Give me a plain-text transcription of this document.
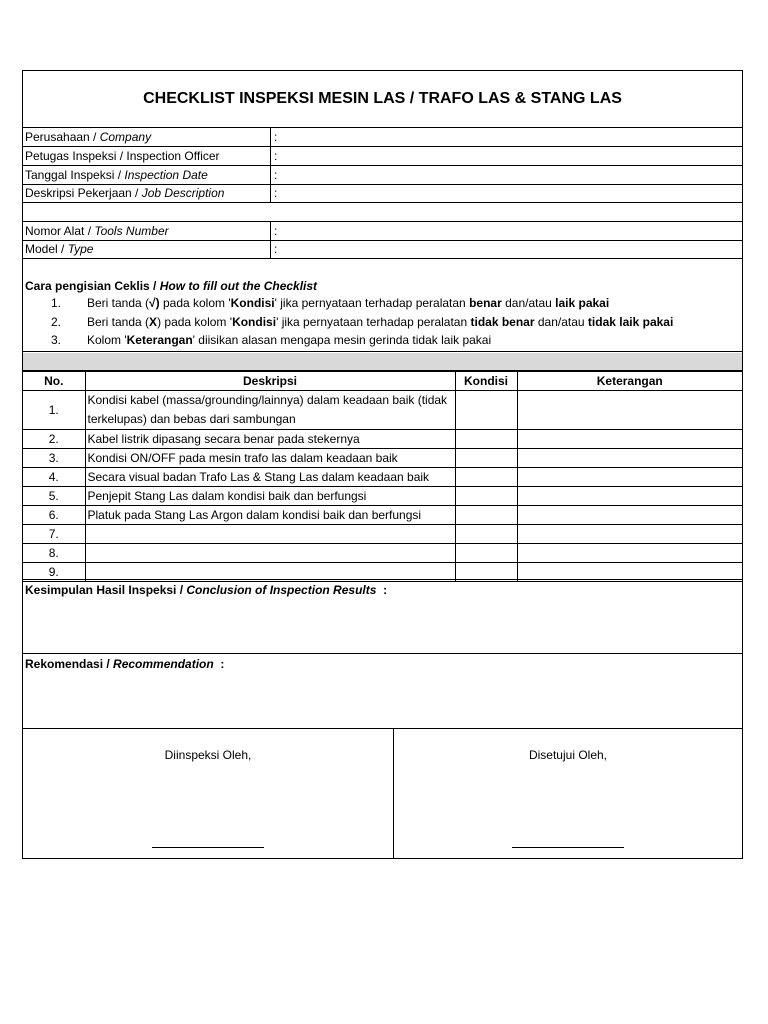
CHECKLIST INSPEKSI MESIN LAS / TRAFO LAS & STANG LAS
Perusahaan / Company	:
Petugas Inspeksi / Inspection Officer	:
Tanggal Inspeksi / Inspection Date	:
Deskripsi Pekerjaan / Job Description	:
Nomor Alat / Tools Number	:
Model / Type	:
Cara pengisian Ceklis / How to fill out the Checklist
1. Beri tanda (√) pada kolom 'Kondisi' jika pernyataan terhadap peralatan benar dan/atau laik pakai
2. Beri tanda (X) pada kolom 'Kondisi' jika pernyataan terhadap peralatan tidak benar dan/atau tidak laik pakai
3. Kolom 'Keterangan' diisikan alasan mengapa mesin gerinda tidak laik pakai
No.	Deskripsi	Kondisi	Keterangan
1.	Kondisi kabel (massa/grounding/lainnya) dalam keadaan baik (tidak terkelupas) dan bebas dari sambungan		
2.	Kabel listrik dipasang secara benar pada stekernya		
3.	Kondisi ON/OFF pada mesin trafo las dalam keadaan baik		
4.	Secara visual badan Trafo Las & Stang Las dalam keadaan baik		
5.	Penjepit Stang Las dalam kondisi baik dan berfungsi		
6.	Platuk pada Stang Las Argon dalam kondisi baik dan berfungsi		
7.			
8.			
9.			
Kesimpulan Hasil Inspeksi / Conclusion of Inspection Results  :
Rekomendasi / Recommendation  :
Diinspeksi Oleh,	Disetujui Oleh,
